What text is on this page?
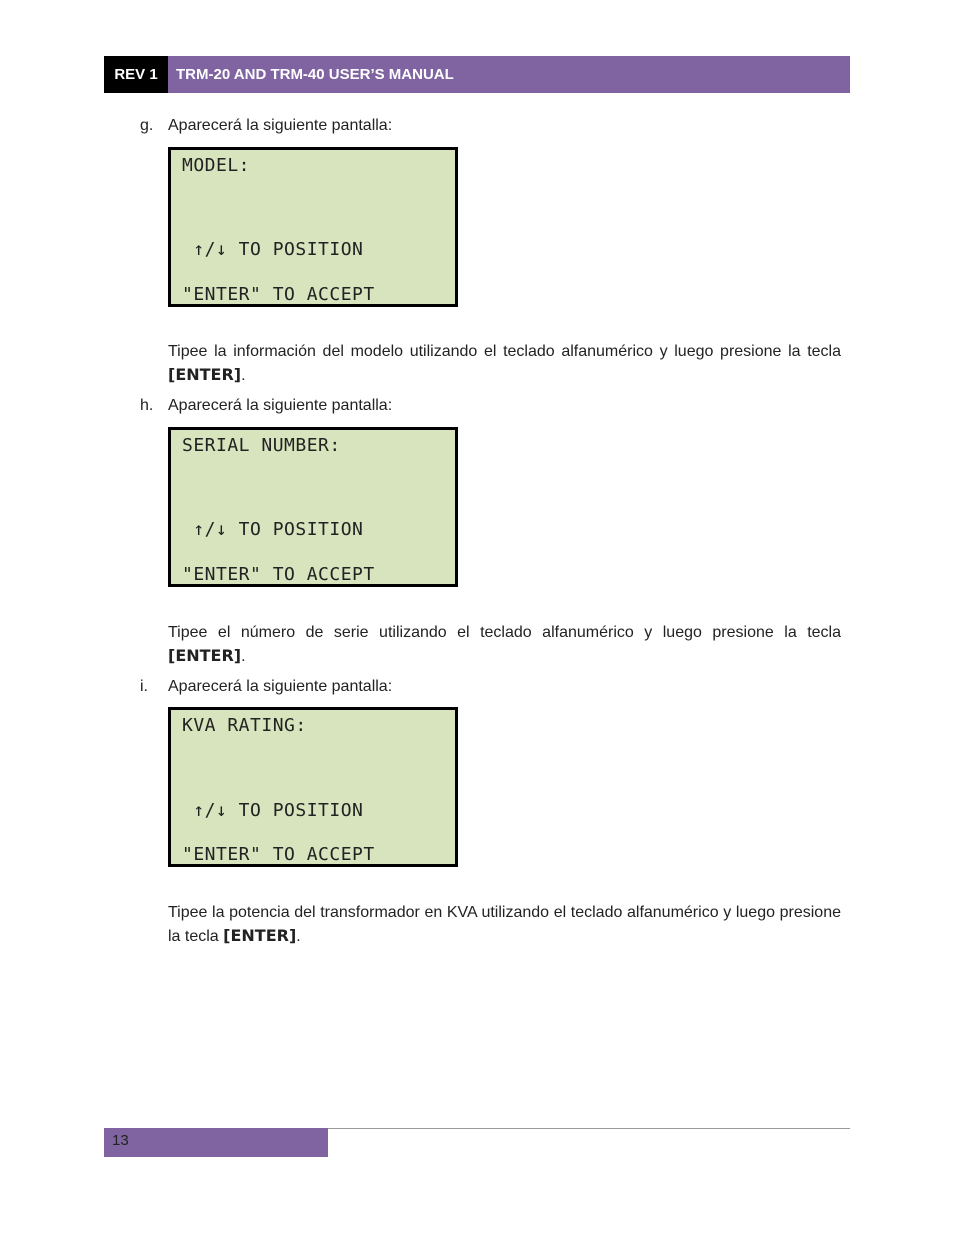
REV 1	TRM-20 AND TRM-40 USER’S MANUAL
g. Aparecerá la siguiente pantalla:
MODEL:
↑/↓ TO POSITION
"ENTER" TO ACCEPT
Tipee la información del modelo utilizando el teclado alfanumérico y luego presione la tecla [ENTER].
h. Aparecerá la siguiente pantalla:
SERIAL NUMBER:
↑/↓ TO POSITION
"ENTER" TO ACCEPT
Tipee el número de serie utilizando el teclado alfanumérico y luego presione la tecla [ENTER].
i.	Aparecerá la siguiente pantalla:
KVA RATING:
↑/↓ TO POSITION
"ENTER" TO ACCEPT
Tipee la potencia del transformador en KVA utilizando el teclado alfanumérico y luego presione la tecla [ENTER].
13
